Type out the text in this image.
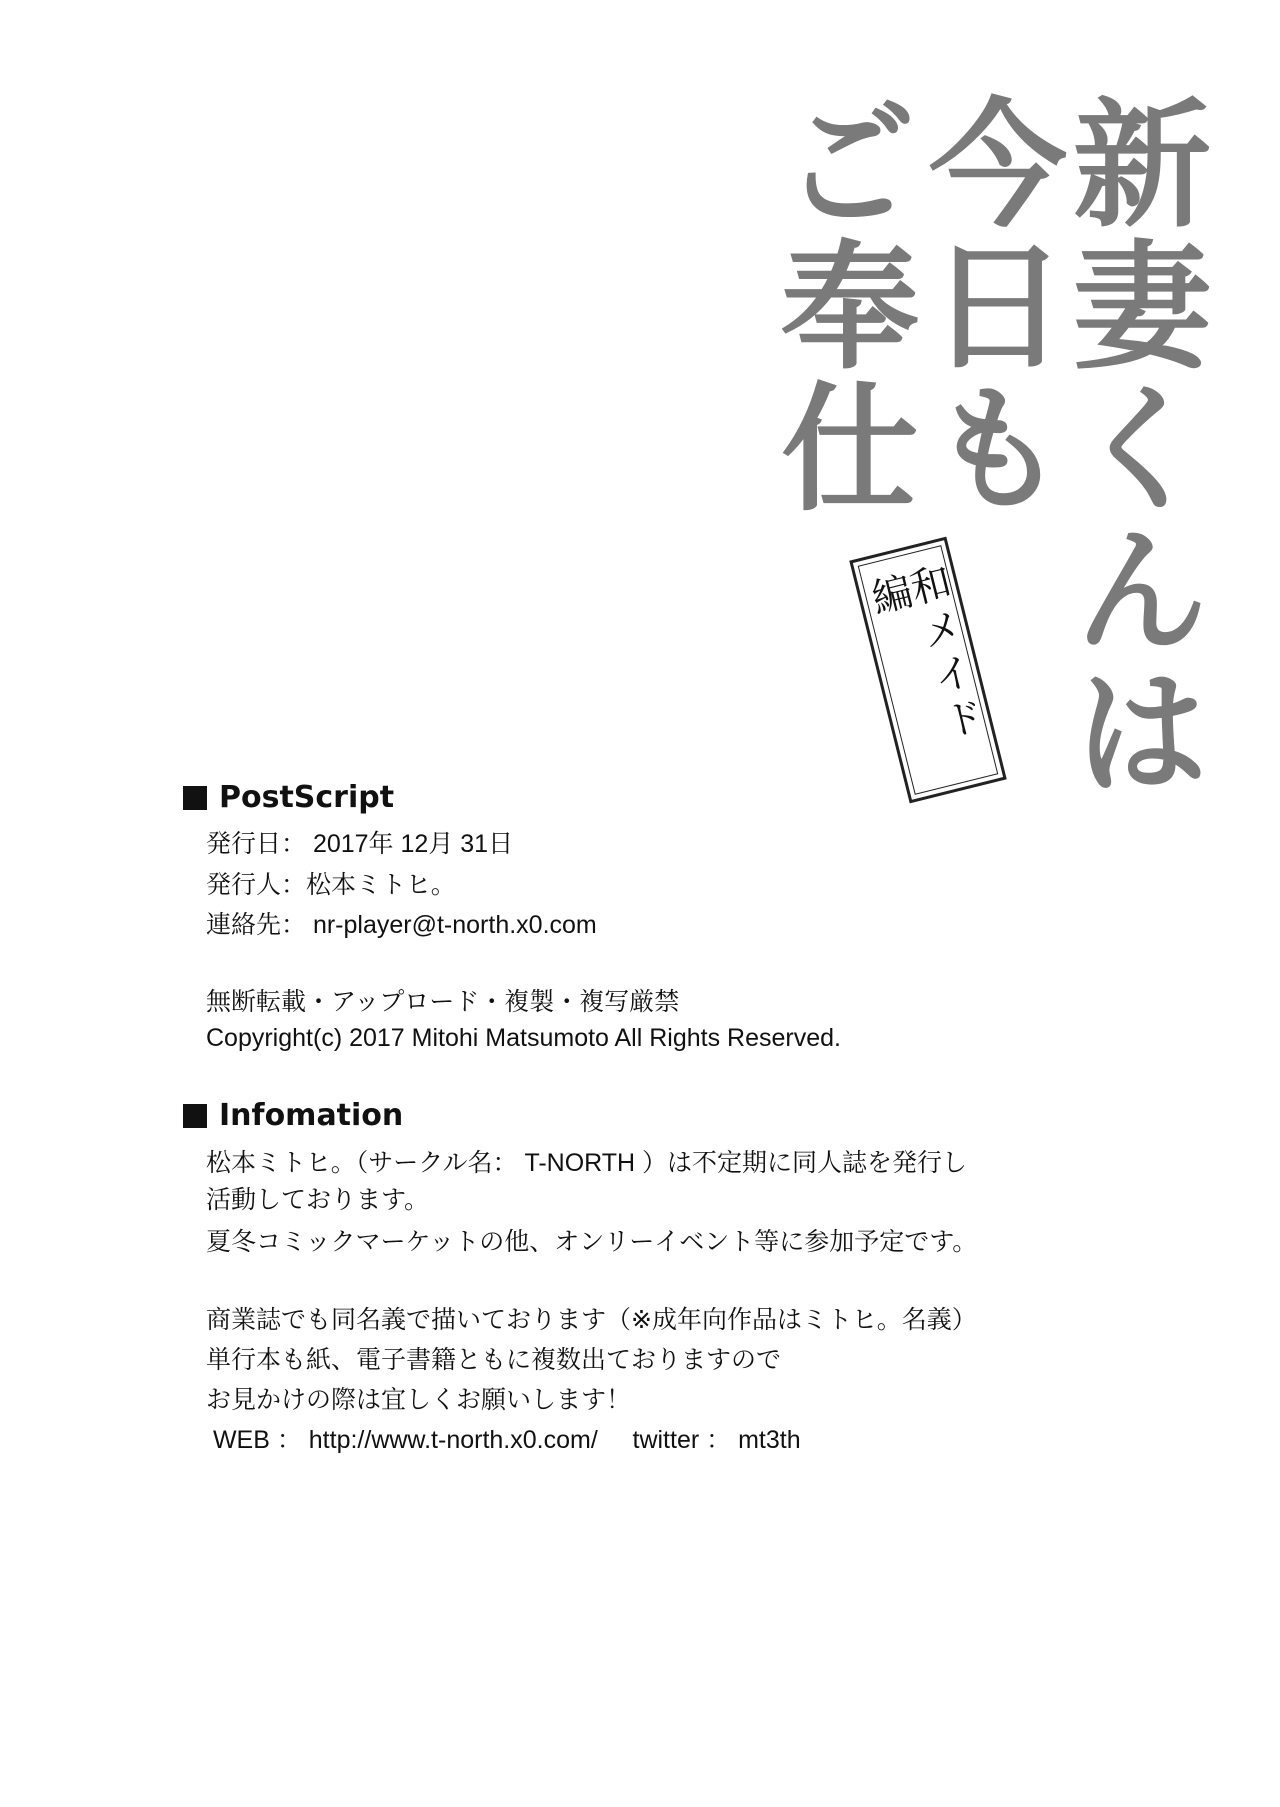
新妻くんは
今日も
ご奉仕
和メイド編
PostScript
発行日： 2017年 12月 31日
発行人：松本ミトヒ。
連絡先： nr-player@t-north.x0.com
無断転載・アップロード・複製・複写厳禁
Copyright(c) 2017 Mitohi Matsumoto All Rights Reserved.
Infomation
松本ミトヒ。（サークル名： T-NORTH ）は不定期に同人誌を発行し
活動しております。
夏冬コミックマーケットの他、オンリーイベント等に参加予定です。
商業誌でも同名義で描いております（※成年向作品はミトヒ。名義）
単行本も紙、電子書籍ともに複数出ておりますので
お見かけの際は宜しくお願いします！
WEB ： http://www.t-north.x0.com/     twitter ： mt3th
